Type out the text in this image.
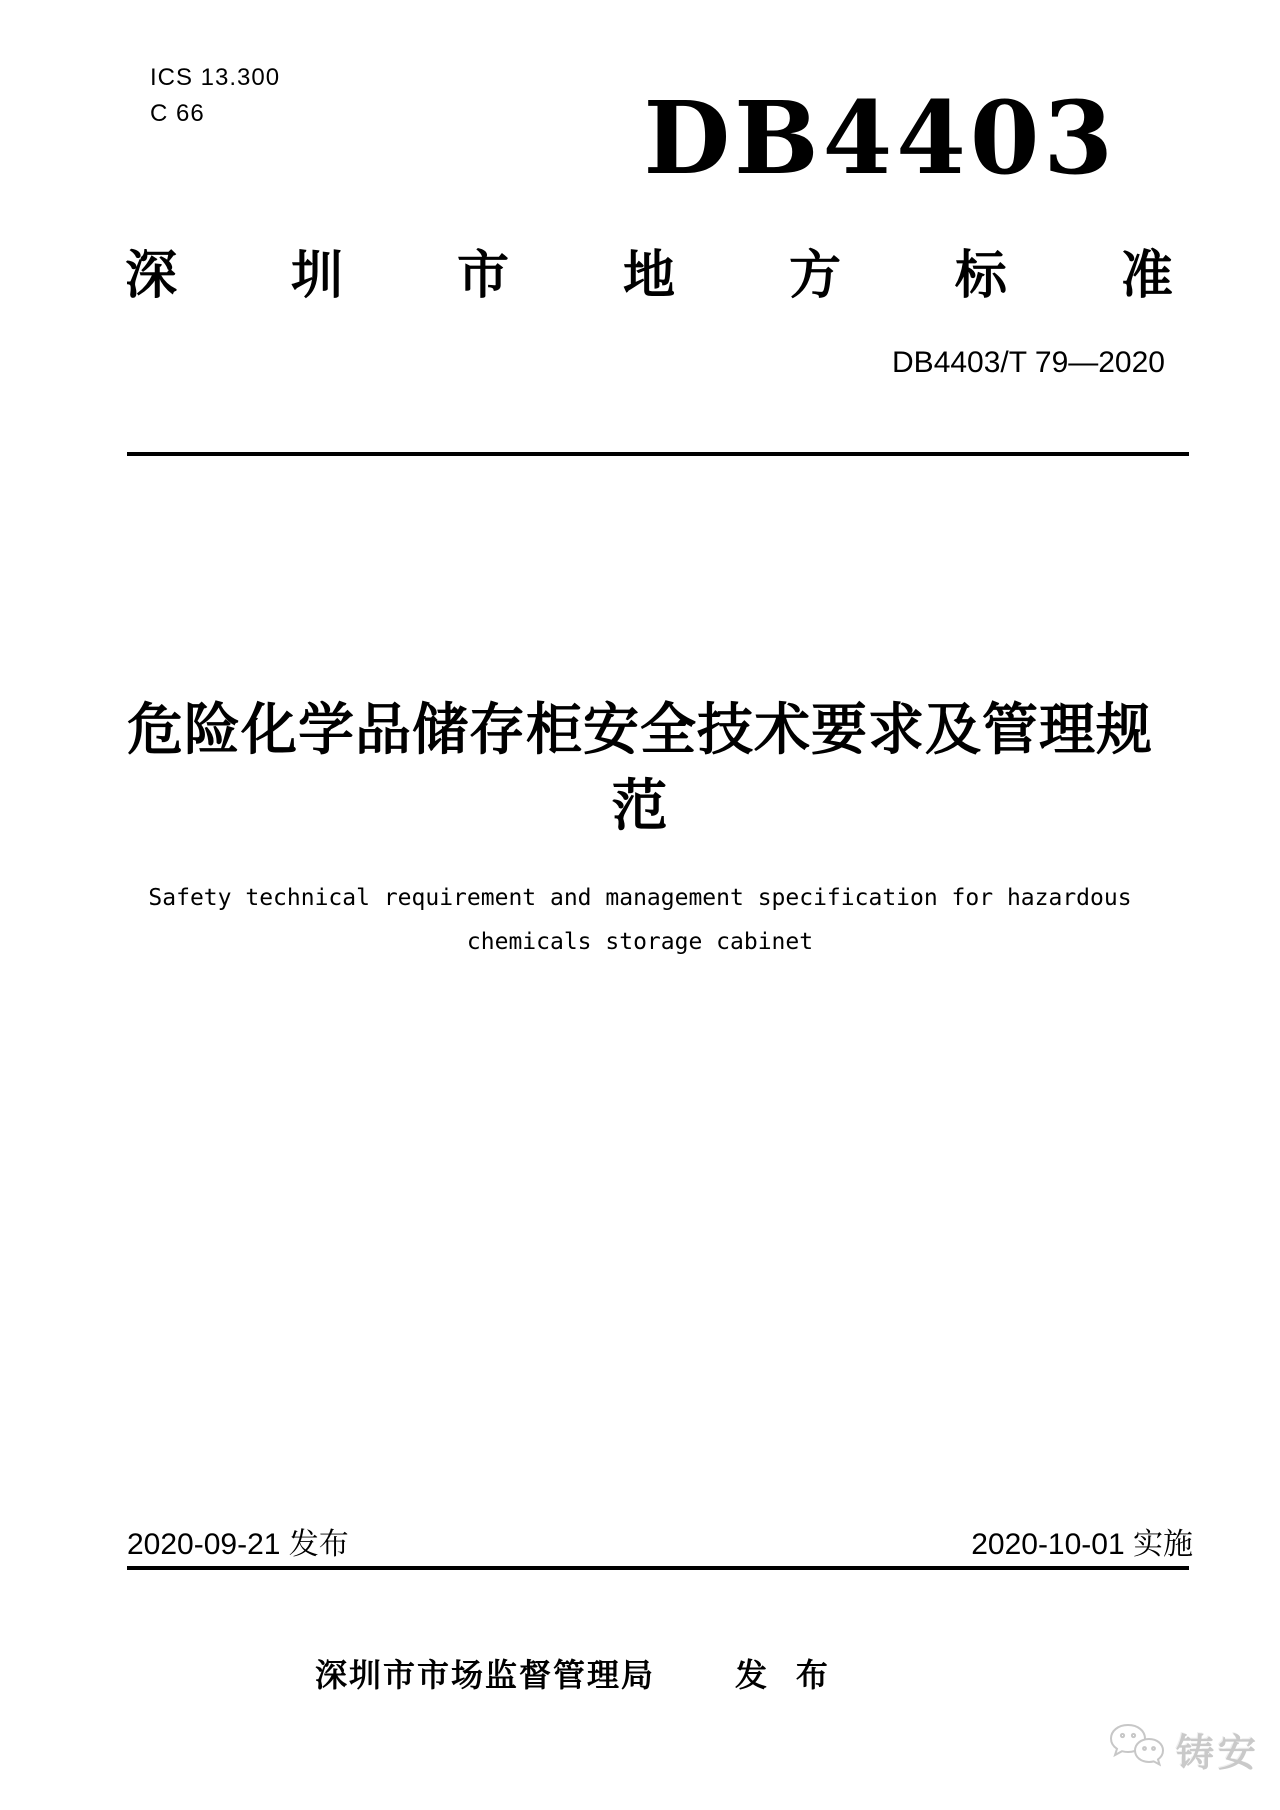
ICS 13.300
C 66	DB4403
深 圳 市 地 方 标 准
DB4403/T 79—2020
危险化学品储存柜安全技术要求及管理规
范
Safety technical requirement and management specification for hazardous
chemicals storage cabinet
2020-09-21 发布	2020-10-01 实施
深圳市市场监督管理局	发 布
铸安
